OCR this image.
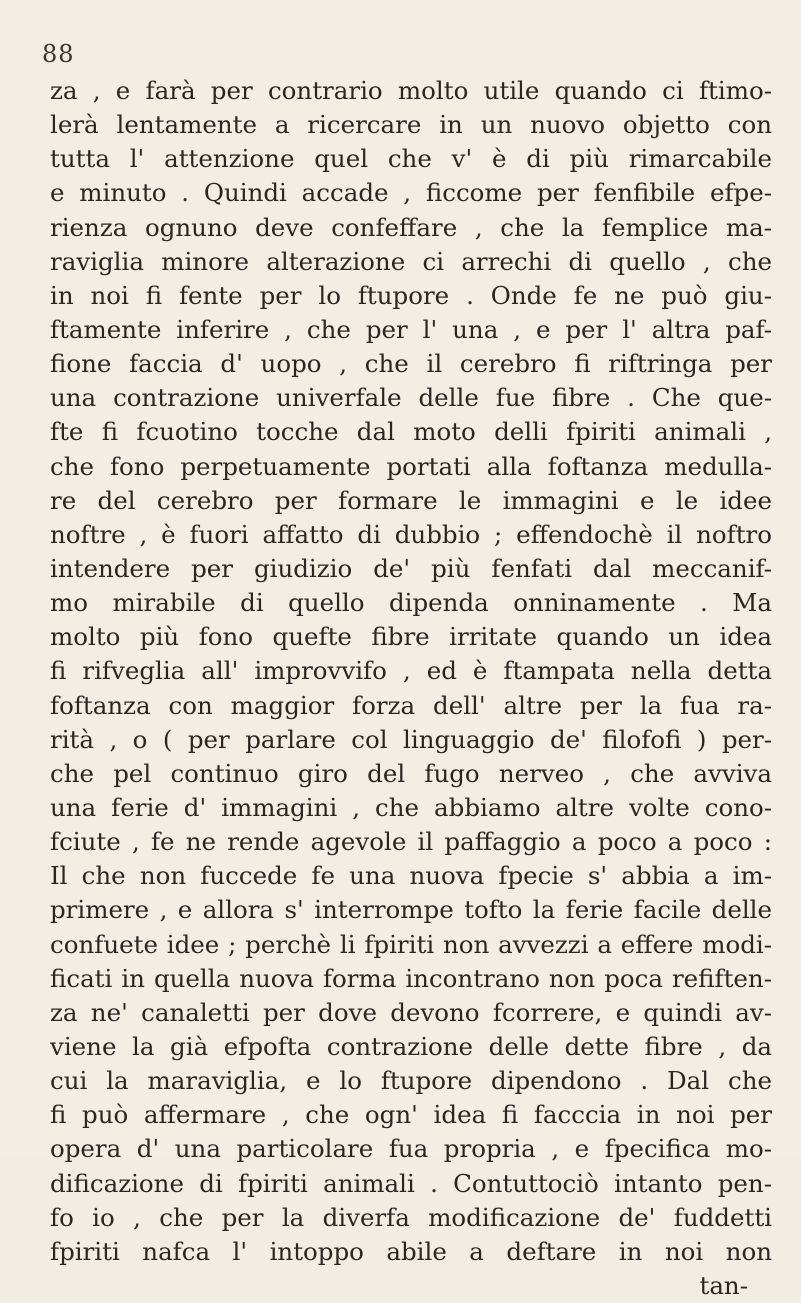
88
za , e farà per contrario molto utile quando ci ftimo-
lerà lentamente a ricercare in un nuovo objetto con
tutta l' attenzione quel che v' è di più rimarcabile
e minuto . Quindi accade , ficcome per fenfibile efpe-
rienza ognuno deve confeffare , che la femplice ma-
raviglia minore alterazione ci arrechi di quello , che
in noi fi fente per lo ftupore . Onde fe ne può giu-
ftamente inferire , che per l' una , e per l' altra paf-
fione faccia d' uopo , che il cerebro fi riftringa per
una contrazione univerfale delle fue fibre . Che que-
fte fi fcuotino tocche dal moto delli fpiriti animali ,
che fono perpetuamente portati alla foftanza medulla-
re del cerebro per formare le immagini e le idee
noftre , è fuori affatto di dubbio ; effendochè il noftro
intendere per giudizio de' più fenfati dal meccanif-
mo mirabile di quello dipenda onninamente . Ma
molto più fono quefte fibre irritate quando un idea
fi rifveglia all' improvvifo , ed è ftampata nella detta
foftanza con maggior forza dell' altre per la fua ra-
rità , o ( per parlare col linguaggio de' filofofi ) per-
che pel continuo giro del fugo nerveo , che avviva
una ferie d' immagini , che abbiamo altre volte cono-
fciute , fe ne rende agevole il paffaggio a poco a poco :
Il che non fuccede fe una nuova fpecie s' abbia a im-
primere , e allora s' interrompe tofto la ferie facile delle
confuete idee ; perchè li fpiriti non avvezzi a effere modi-
ficati in quella nuova forma incontrano non poca refiften-
za ne' canaletti per dove devono fcorrere, e quindi av-
viene la già efpofta contrazione delle dette fibre , da
cui la maraviglia, e lo ftupore dipendono . Dal che
fi può affermare , che ogn' idea fi facccia in noi per
opera d' una particolare fua propria , e fpecifica mo-
dificazione di fpiriti animali . Contuttociò intanto pen-
fo io , che per la diverfa modificazione de' fuddetti
fpiriti nafca l' intoppo abile a deftare in noi non
tan-
